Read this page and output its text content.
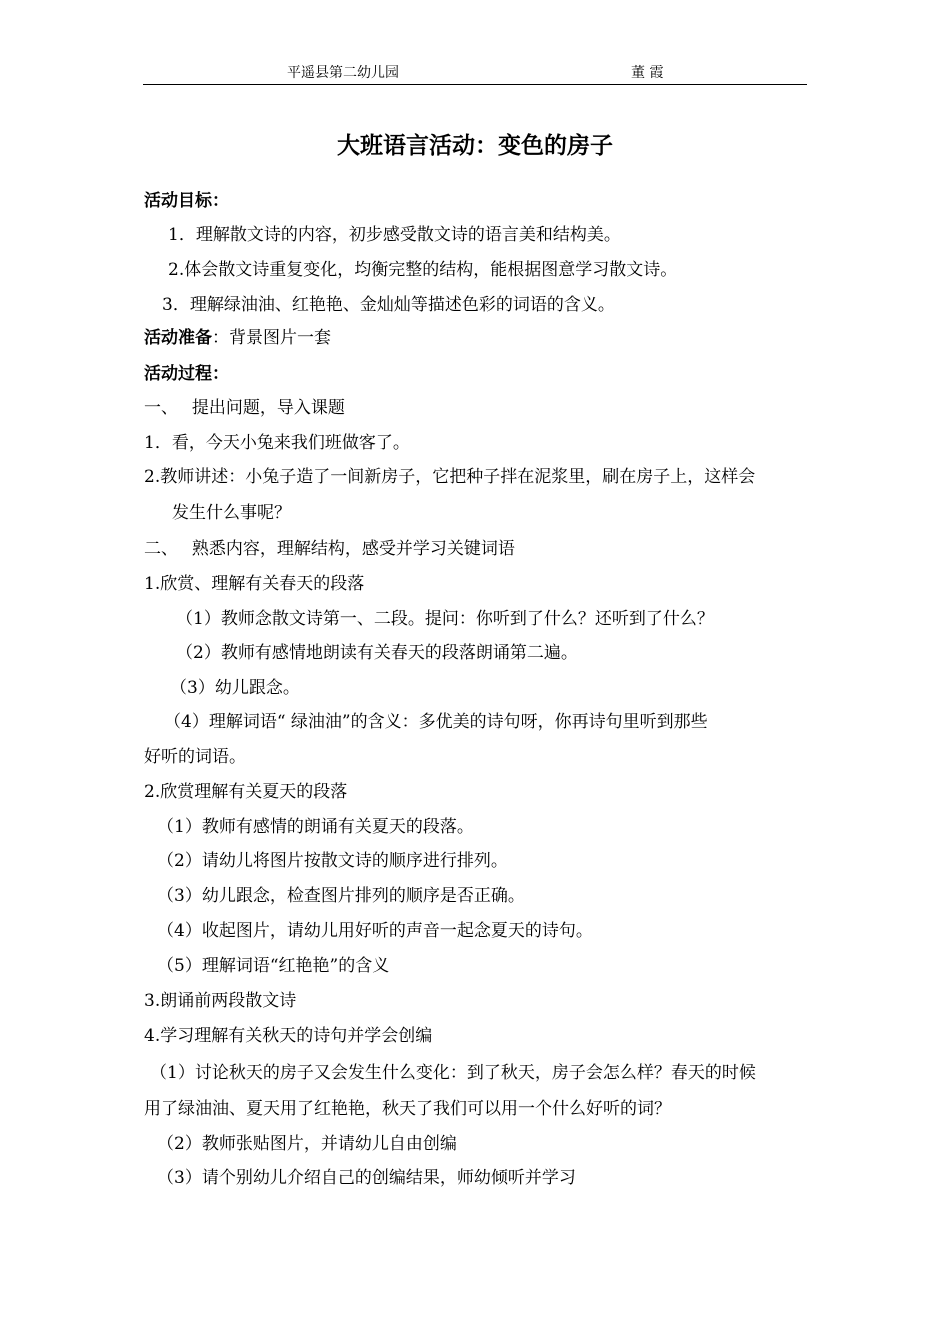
平遥县第二幼儿园	董 霞
大班语言活动：变色的房子
活动目标：
1．理解散文诗的内容，初步感受散文诗的语言美和结构美。
2.体会散文诗重复变化，均衡完整的结构，能根据图意学习散文诗。
3．理解绿油油、红艳艳、金灿灿等描述色彩的词语的含义。
活动准备：背景图片一套
活动过程：
一、　 提出问题，导入课题
1．看，今天小兔来我们班做客了。
2.教师讲述：小兔子造了一间新房子，它把种子拌在泥浆里，刷在房子上，这样会
发生什么事呢？
二、　 熟悉内容，理解结构，感受并学习关键词语
1.欣赏、理解有关春天的段落
（1）教师念散文诗第一、二段。提问：你听到了什么？还听到了什么？
（2）教师有感情地朗读有关春天的段落朗诵第二遍。
（3）幼儿跟念。
（4）理解词语“ 绿油油”的含义：多优美的诗句呀，你再诗句里听到那些
好听的词语。
2.欣赏理解有关夏天的段落
（1）教师有感情的朗诵有关夏天的段落。
（2）请幼儿将图片按散文诗的顺序进行排列。
（3）幼儿跟念，检查图片排列的顺序是否正确。
（4）收起图片，请幼儿用好听的声音一起念夏天的诗句。
（5）理解词语“红艳艳”的含义
3.朗诵前两段散文诗
4.学习理解有关秋天的诗句并学会创编
（1）讨论秋天的房子又会发生什么变化：到了秋天，房子会怎么样？春天的时候
用了绿油油、夏天用了红艳艳，秋天了我们可以用一个什么好听的词？
（2）教师张贴图片，并请幼儿自由创编
（3）请个别幼儿介绍自己的创编结果，师幼倾听并学习
